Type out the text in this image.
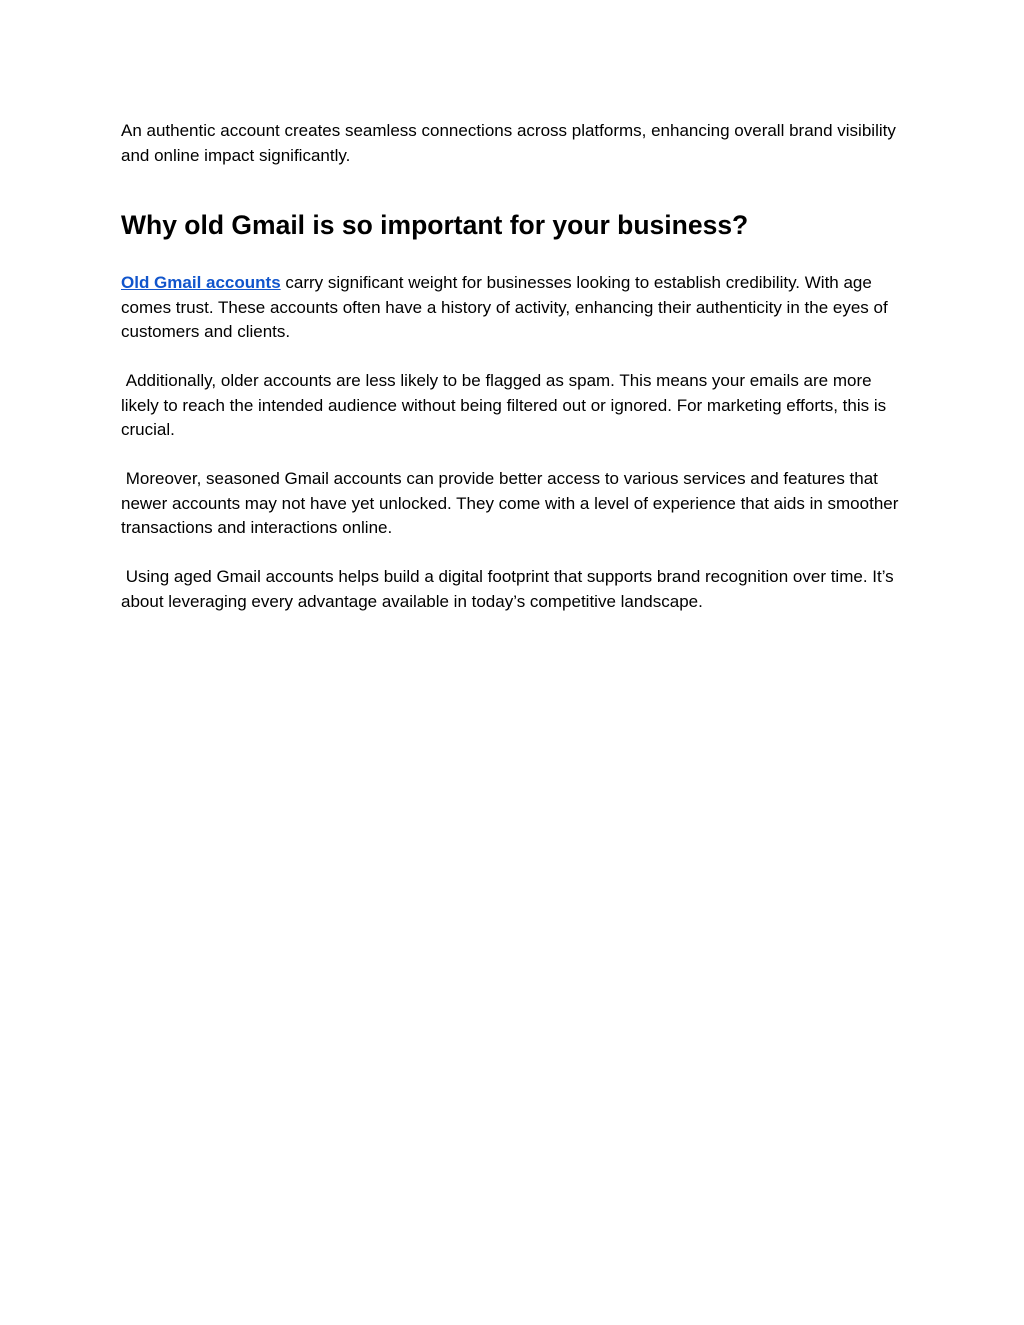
An authentic account creates seamless connections across platforms, enhancing overall brand visibility and online impact significantly.

Why old Gmail is so important for your business?

Old Gmail accounts carry significant weight for businesses looking to establish credibility. With age comes trust. These accounts often have a history of activity, enhancing their authenticity in the eyes of customers and clients.

Additionally, older accounts are less likely to be flagged as spam. This means your emails are more likely to reach the intended audience without being filtered out or ignored. For marketing efforts, this is crucial.

Moreover, seasoned Gmail accounts can provide better access to various services and features that newer accounts may not have yet unlocked. They come with a level of experience that aids in smoother transactions and interactions online.

Using aged Gmail accounts helps build a digital footprint that supports brand recognition over time. It’s about leveraging every advantage available in today’s competitive landscape.
